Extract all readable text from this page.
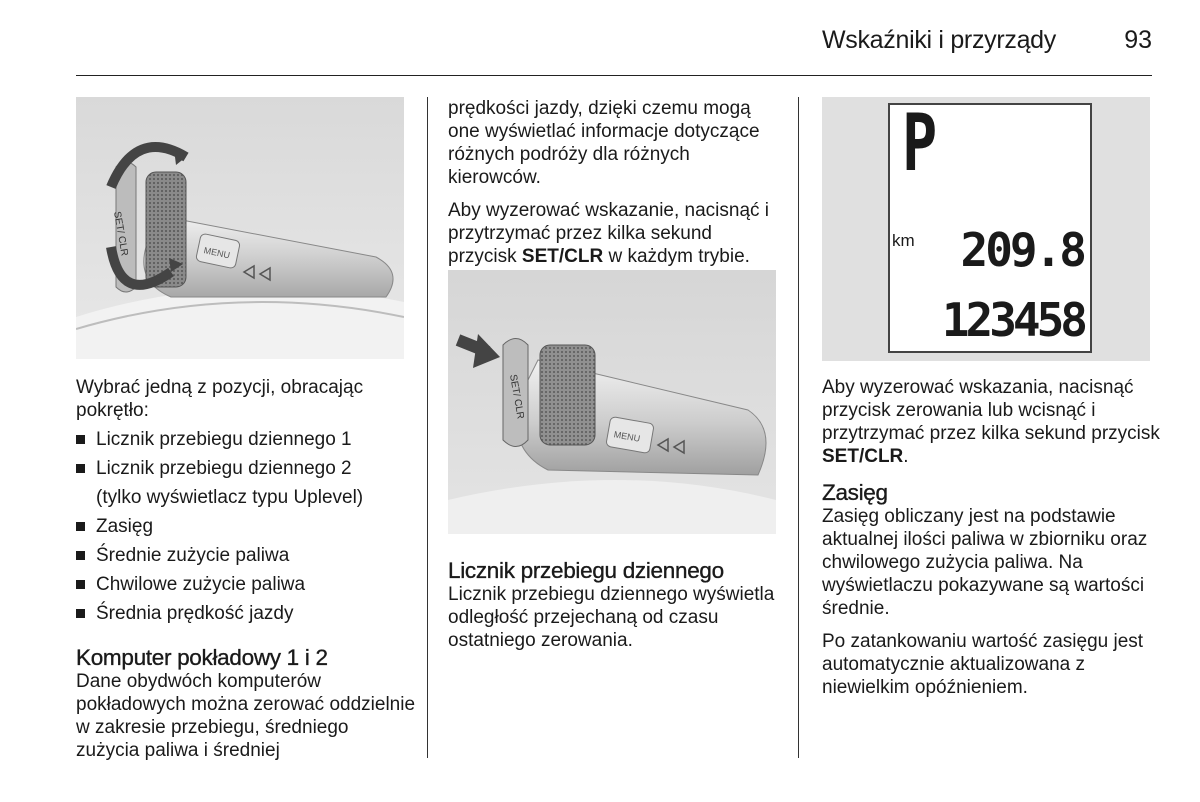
Wskaźniki i przyrządy	93
SET/ CLR	MENU

Wybrać jedną z pozycji, obracając pokrętło:

Licznik przebiegu dziennego 1
Licznik przebiegu dziennego 2
(tylko wyświetlacz typu Uplevel)
Zasięg
Średnie zużycie paliwa
Chwilowe zużycie paliwa
Średnia prędkość jazdy
Komputer pokładowy 1 i 2

Dane obydwóch komputerów pokładowych można zerować oddzielnie w zakresie przebiegu, średniego zużycia paliwa i średniej

prędkości jazdy, dzięki czemu mogą one wyświetlać informacje dotyczące różnych podróży dla różnych kierowców.

Aby wyzerować wskazanie, nacisnąć i przytrzymać przez kilka sekund przycisk SET/CLR w każdym trybie.

SET/ CLR
MENU
Licznik przebiegu dziennego

Licznik przebiegu dziennego wyświetla odległość przejechaną od czasu ostatniego zerowania.

P
km 209.8
123458

Aby wyzerować wskazania, nacisnąć przycisk zerowania lub wcisnąć i przytrzymać przez kilka sekund przycisk SET/CLR.

Zasięg

Zasięg obliczany jest na podstawie aktualnej ilości paliwa w zbiorniku oraz chwilowego zużycia paliwa. Na wyświetlaczu pokazywane są wartości średnie.

Po zatankowaniu wartość zasięgu jest automatycznie aktualizowana z niewielkim opóźnieniem.
